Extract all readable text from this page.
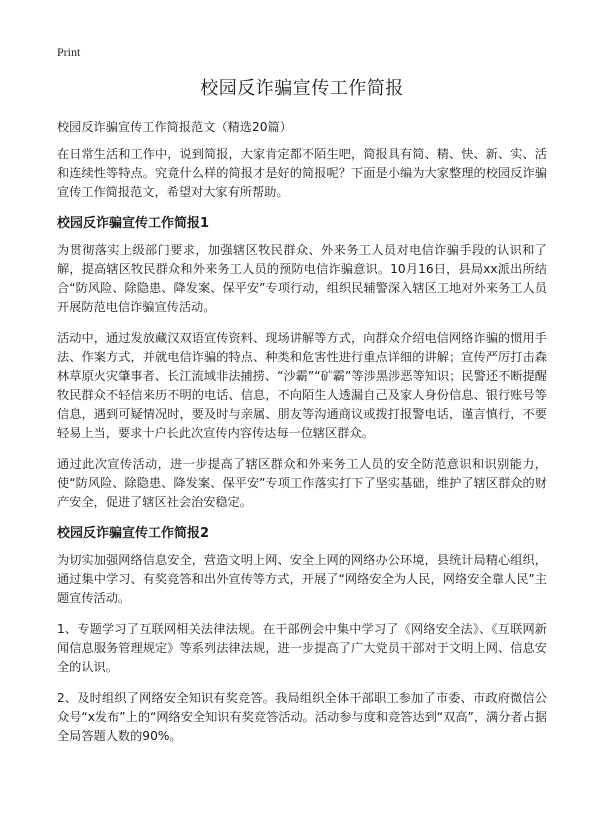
Print
校园反诈骗宣传工作简报

校园反诈骗宣传工作简报范文（精选20篇）

在日常生活和工作中，说到简报，大家肯定都不陌生吧，简报具有简、精、快、新、实、活和连续性等特点。究竟什么样的简报才是好的简报呢？下面是小编为大家整理的校园反诈骗宣传工作简报范文，希望对大家有所帮助。

校园反诈骗宣传工作简报1

为贯彻落实上级部门要求，加强辖区牧民群众、外来务工人员对电信诈骗手段的认识和了解，提高辖区牧民群众和外来务工人员的预防电信诈骗意识。10月16日，县局xx派出所结合“防风险、除隐患、降发案、保平安”专项行动，组织民辅警深入辖区工地对外来务工人员开展防范电信诈骗宣传活动。

活动中，通过发放藏汉双语宣传资料、现场讲解等方式，向群众介绍电信网络诈骗的惯用手法、作案方式，并就电信诈骗的特点、种类和危害性进行重点详细的讲解；宣传严厉打击森林草原火灾肇事者、长江流域非法捕捞、“沙霸”“矿霸”等涉黑涉恶等知识；民警还不断提醒牧民群众不轻信来历不明的电话、信息，不向陌生人透漏自己及家人身份信息、银行账号等信息，遇到可疑情况时，要及时与亲属、朋友等沟通商议或拨打报警电话，谨言慎行，不要轻易上当，要求十户长此次宣传内容传达每一位辖区群众。

通过此次宣传活动，进一步提高了辖区群众和外来务工人员的安全防范意识和识别能力，使“防风险、除隐患、降发案、保平安”专项工作落实打下了坚实基础，维护了辖区群众的财产安全，促进了辖区社会治安稳定。

校园反诈骗宣传工作简报2

为切实加强网络信息安全，营造文明上网、安全上网的网络办公环境，县统计局精心组织，通过集中学习、有奖竞答和出外宣传等方式，开展了“网络安全为人民，网络安全靠人民”主题宣传活动。

1、专题学习了互联网相关法律法规。在干部例会中集中学习了《网络安全法》、《互联网新闻信息服务管理规定》等系列法律法规，进一步提高了广大党员干部对于文明上网、信息安全的认识。

2、及时组织了网络安全知识有奖竞答。我局组织全体干部职工参加了市委、市政府微信公众号“x发布”上的“网络安全知识有奖竞答活动。活动参与度和竞答达到“双高”，满分者占据全局答题人数的90%。
